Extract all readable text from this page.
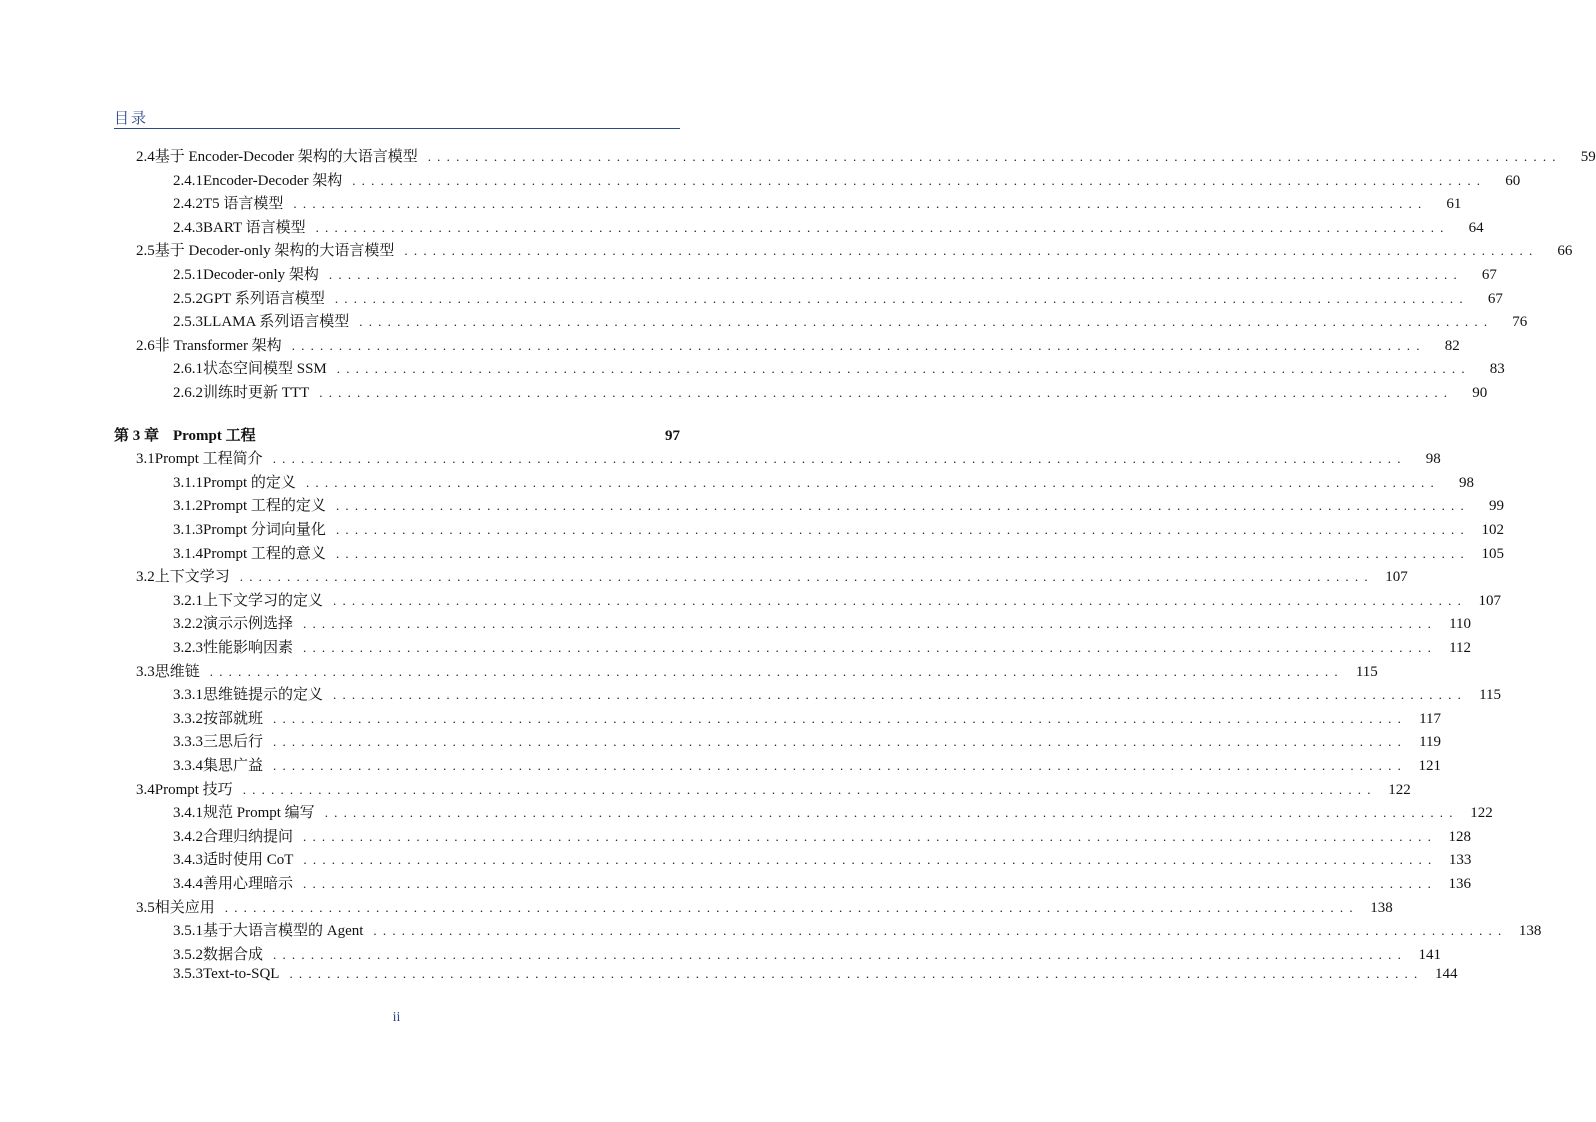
目录
2.4 基于 Encoder-Decoder 架构的大语言模型 ........................................................................................................................	59
2.4.1 Encoder-Decoder 架构 ........................................................................................................................	60
2.4.2 T5 语言模型 ........................................................................................................................	61
2.4.3 BART 语言模型 ........................................................................................................................	64
2.5 基于 Decoder-only 架构的大语言模型 ........................................................................................................................	66
2.5.1 Decoder-only 架构 ........................................................................................................................	67
2.5.2 GPT 系列语言模型 ........................................................................................................................	67
2.5.3 LLAMA 系列语言模型 ........................................................................................................................	76
2.6 非 Transformer 架构 ........................................................................................................................	82
2.6.1 状态空间模型 SSM ........................................................................................................................	83
2.6.2 训练时更新 TTT ........................................................................................................................	90
第 3 章 Prompt 工程	97
3.1 Prompt 工程简介 ........................................................................................................................	98
3.1.1 Prompt 的定义 ........................................................................................................................	98
3.1.2 Prompt 工程的定义 ........................................................................................................................	99
3.1.3 Prompt 分词向量化 ........................................................................................................................ 102
3.1.4 Prompt 工程的意义 ........................................................................................................................ 105
3.2 上下文学习 ........................................................................................................................ 107
3.2.1 上下文学习的定义 ........................................................................................................................ 107
3.2.2 演示示例选择 ........................................................................................................................ 110
3.2.3 性能影响因素 ........................................................................................................................ 112
3.3 思维链 ........................................................................................................................ 115
3.3.1 思维链提示的定义 ........................................................................................................................ 115
3.3.2 按部就班 ........................................................................................................................ 117
3.3.3 三思后行 ........................................................................................................................ 119
3.3.4 集思广益 ........................................................................................................................ 121
3.4 Prompt 技巧 ........................................................................................................................ 122
3.4.1 规范 Prompt 编写 ........................................................................................................................ 122
3.4.2 合理归纳提问 ........................................................................................................................ 128
3.4.3 适时使用 CoT ........................................................................................................................ 133
3.4.4 善用心理暗示 ........................................................................................................................ 136
3.5 相关应用 ........................................................................................................................ 138
3.5.1 基于大语言模型的 Agent ........................................................................................................................ 138
3.5.2 数据合成 ........................................................................................................................ 141
3.5.3 Text-to-SQL ........................................................................................................................ 144
ii
